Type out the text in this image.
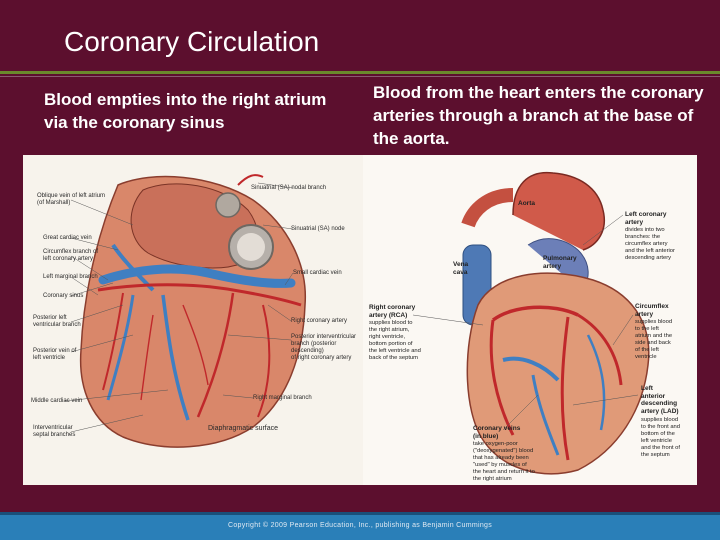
Coronary Circulation
Blood empties into the right atrium via the coronary sinus
Blood from the heart enters the coronary arteries through a branch at the base of the aorta.
Oblique vein of left atrium
(of Marshall)
Great cardiac vein
Circumflex branch of
left coronary artery
Left marginal branch
Coronary sinus
Posterior left
ventricular branch
Posterior vein of
left ventricle
Middle cardiac vein
Interventricular
septal branches
Sinuatrial (SA) nodal branch
Sinuatrial (SA) node
Small cardiac vein
Right coronary artery
Posterior interventricular
branch (posterior descending)
of right coronary artery
Right marginal branch
Diaphragmatic surface
Aorta
Pulmonary
artery
Vena
cava
Left coronary
artery
divides into two
branches: the
circumflex artery
and the left anterior
descending artery
Right coronary
artery (RCA)
supplies blood to
the right atrium,
right ventricle,
bottom portion of
the left ventricle and
back of the septum
Circumflex
artery
supplies blood
to the left
atrium and the
side and back
of the left
ventricle
Left
anterior
descending
artery (LAD)
supplies blood
to the front and
bottom of the
left ventricle
and the front of
the septum
Coronary veins
(in blue)
take oxygen-poor
("deoxygenated") blood
that has already been
"used" by muscles of
the heart and return it to
the right atrium
Copyright © 2009 Pearson Education, Inc., publishing as Benjamin Cummings
